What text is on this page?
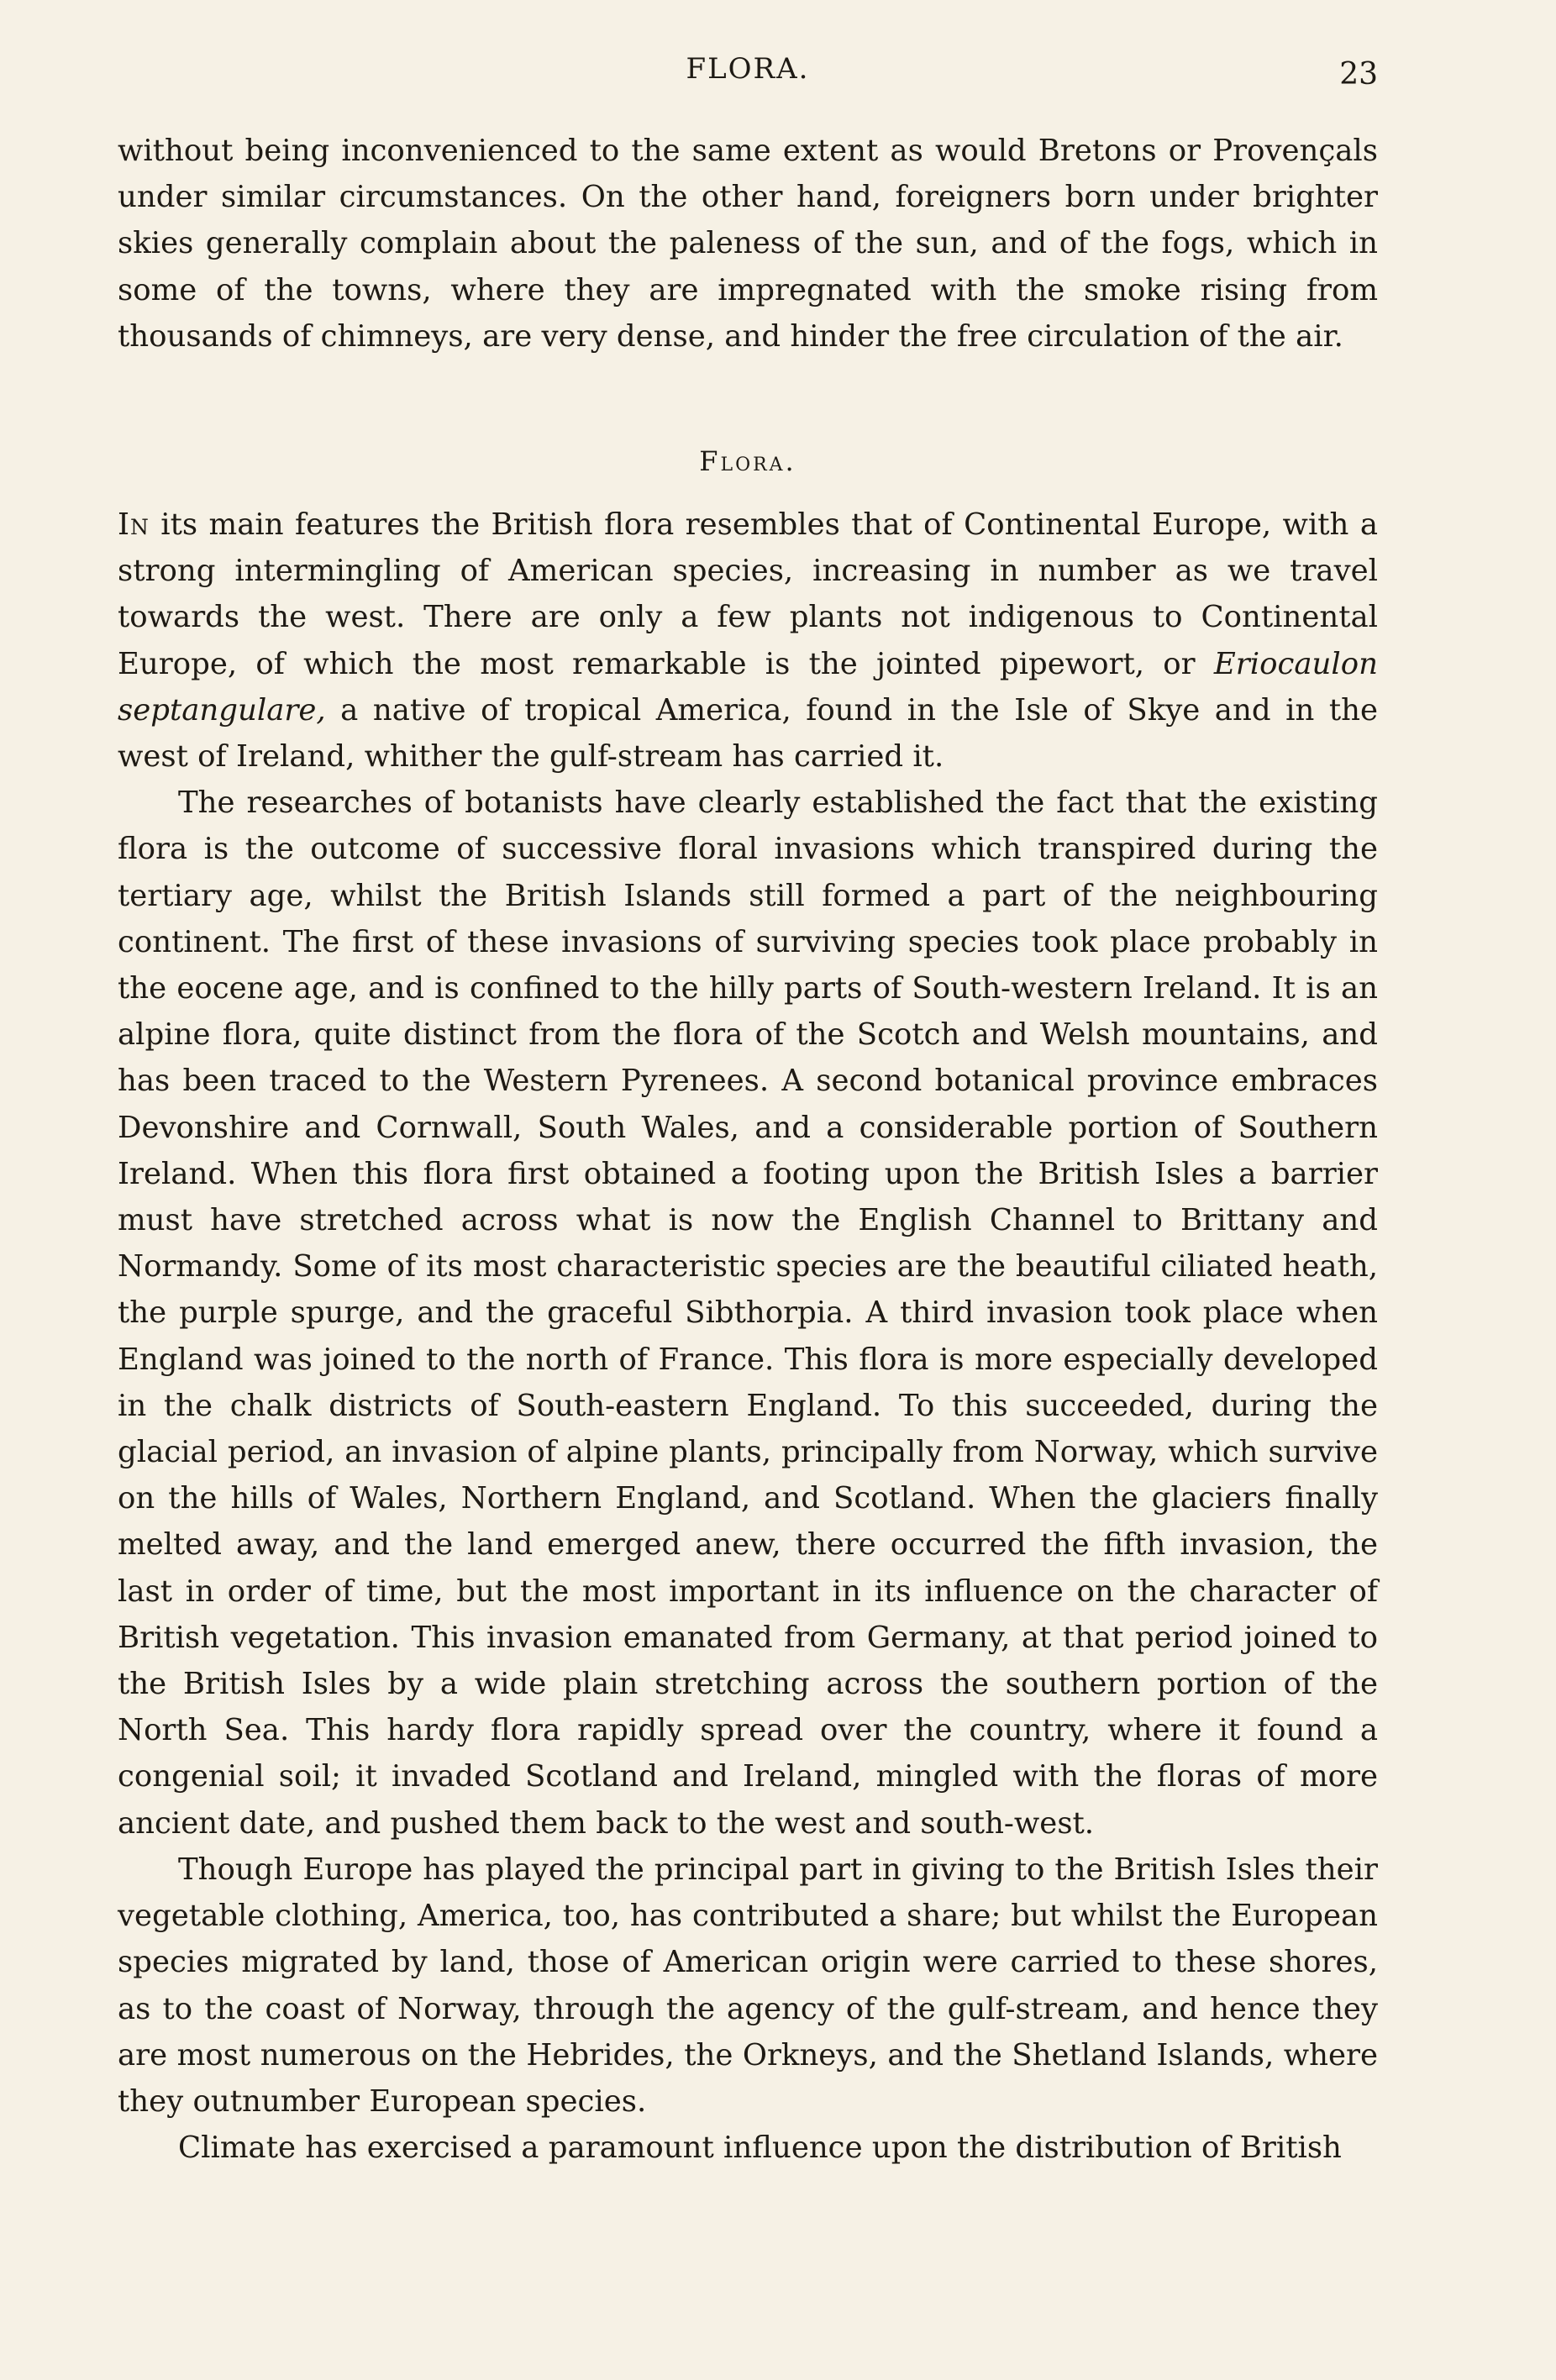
FLORA.	23

without being inconvenienced to the same extent as would Bretons or Provençals under similar circumstances. On the other hand, foreigners born under brighter skies generally complain about the paleness of the sun, and of the fogs, which in some of the towns, where they are impregnated with the smoke rising from thousands of chimneys, are very dense, and hinder the free circulation of the air.

Flora.

In its main features the British flora resembles that of Continental Europe, with a strong intermingling of American species, increasing in number as we travel towards the west. There are only a few plants not indigenous to Continental Europe, of which the most remarkable is the jointed pipewort, or Eriocaulon septangulare, a native of tropical America, found in the Isle of Skye and in the west of Ireland, whither the gulf-stream has carried it.

The researches of botanists have clearly established the fact that the existing flora is the outcome of successive floral invasions which transpired during the tertiary age, whilst the British Islands still formed a part of the neighbouring continent. The first of these invasions of surviving species took place probably in the eocene age, and is confined to the hilly parts of South-western Ireland. It is an alpine flora, quite distinct from the flora of the Scotch and Welsh mountains, and has been traced to the Western Pyrenees. A second botanical province embraces Devonshire and Cornwall, South Wales, and a considerable portion of Southern Ireland. When this flora first obtained a footing upon the British Isles a barrier must have stretched across what is now the English Channel to Brittany and Normandy. Some of its most characteristic species are the beautiful ciliated heath, the purple spurge, and the graceful Sibthorpia. A third invasion took place when England was joined to the north of France. This flora is more especially developed in the chalk districts of South-eastern England. To this succeeded, during the glacial period, an invasion of alpine plants, principally from Norway, which survive on the hills of Wales, Northern England, and Scotland. When the glaciers finally melted away, and the land emerged anew, there occurred the fifth invasion, the last in order of time, but the most important in its influence on the character of British vegetation. This invasion emanated from Germany, at that period joined to the British Isles by a wide plain stretching across the southern portion of the North Sea. This hardy flora rapidly spread over the country, where it found a congenial soil; it invaded Scotland and Ireland, mingled with the floras of more ancient date, and pushed them back to the west and south-west.

Though Europe has played the principal part in giving to the British Isles their vegetable clothing, America, too, has contributed a share; but whilst the European species migrated by land, those of American origin were carried to these shores, as to the coast of Norway, through the agency of the gulf-stream, and hence they are most numerous on the Hebrides, the Orkneys, and the Shetland Islands, where they outnumber European species.

Climate has exercised a paramount influence upon the distribution of British
